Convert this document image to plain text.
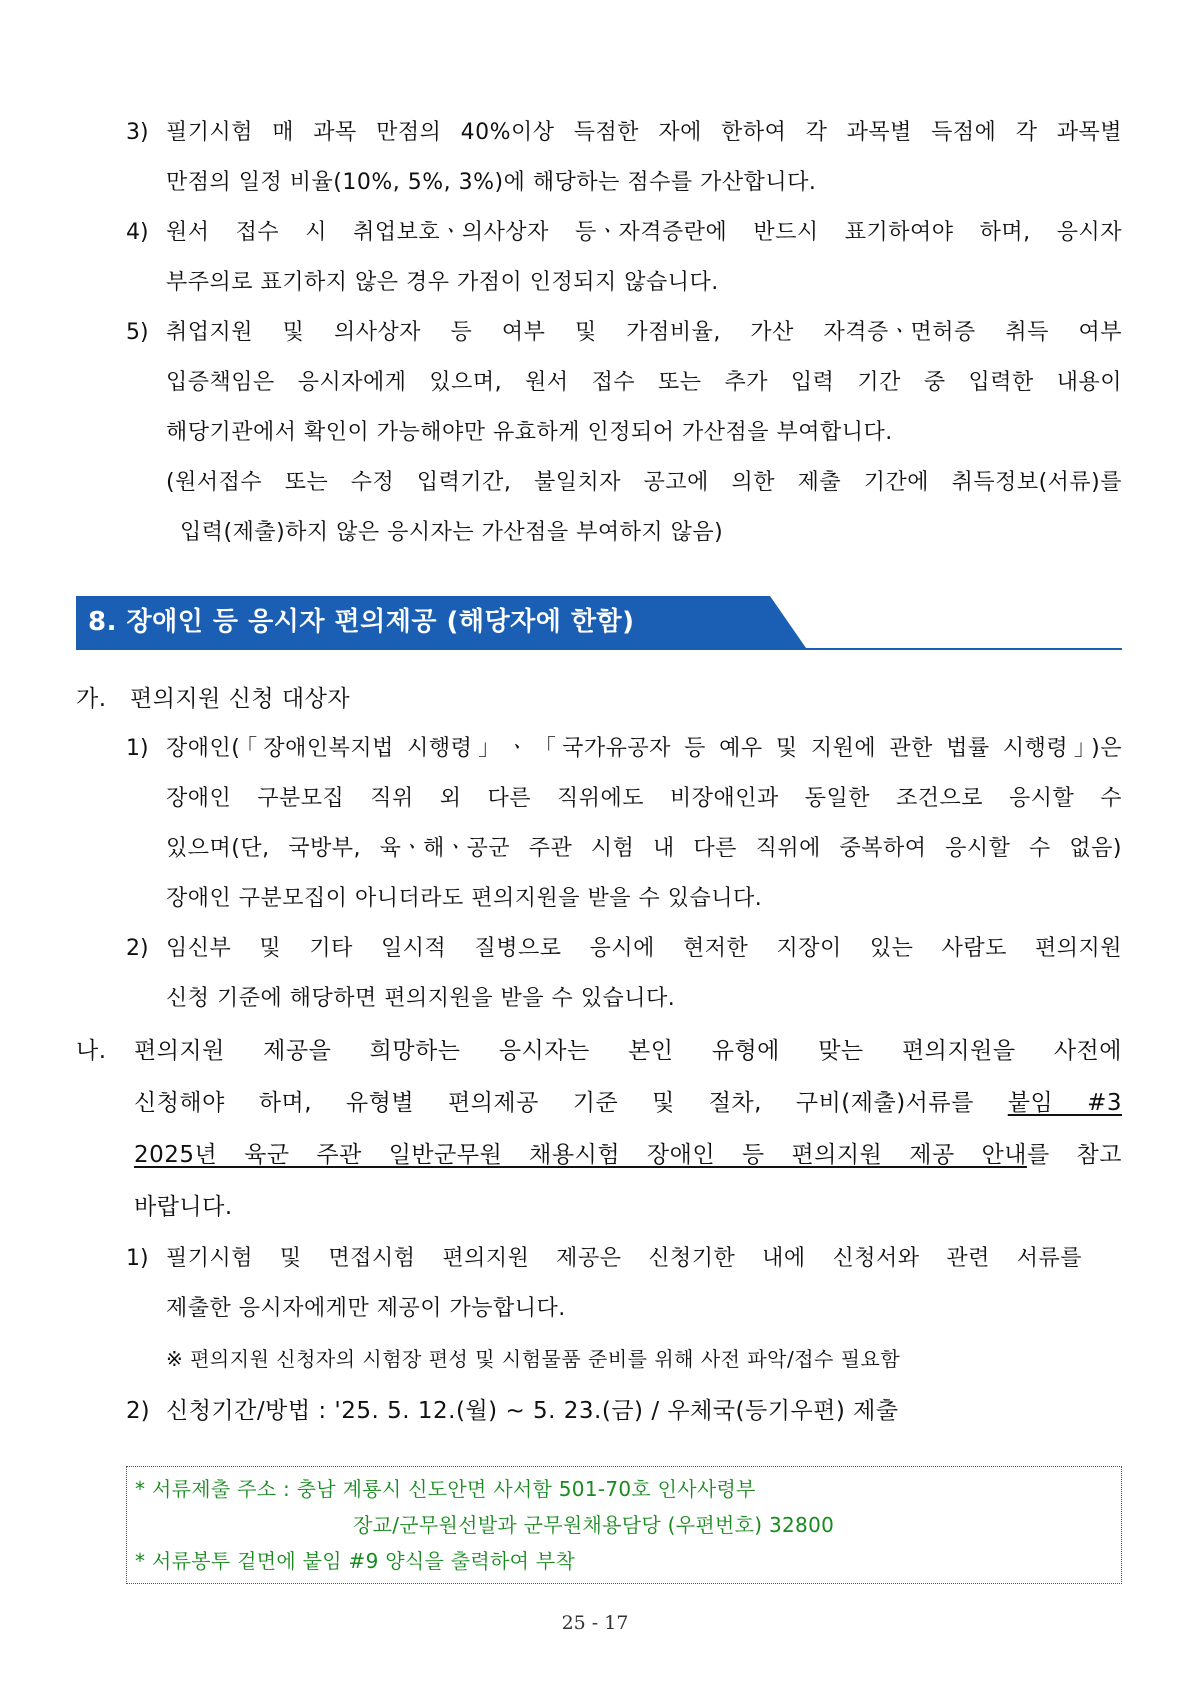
3) 필기시험 매 과목 만점의 40%이상 득점한 자에 한하여 각 과목별 득점에 각 과목별
만점의 일정 비율(10%, 5%, 3%)에 해당하는 점수를 가산합니다.
4) 원서 접수 시 취업보호ㆍ의사상자 등ㆍ자격증란에 반드시 표기하여야 하며, 응시자
부주의로 표기하지 않은 경우 가점이 인정되지 않습니다.
5) 취업지원 및 의사상자 등 여부 및 가점비율, 가산 자격증ㆍ면허증 취득 여부
입증책임은 응시자에게 있으며, 원서 접수 또는 추가 입력 기간 중 입력한 내용이
해당기관에서 확인이 가능해야만 유효하게 인정되어 가산점을 부여합니다.
(원서접수 또는 수정 입력기간, 불일치자 공고에 의한 제출 기간에 취득정보(서류)를
입력(제출)하지 않은 응시자는 가산점을 부여하지 않음)
8. 장애인 등 응시자 편의제공 (해당자에 한함)
가. 편의지원 신청 대상자
1) 장애인(「장애인복지법 시행령」ㆍ「국가유공자 등 예우 및 지원에 관한 법률 시행령」)은
장애인 구분모집 직위 외 다른 직위에도 비장애인과 동일한 조건으로 응시할 수
있으며(단, 국방부, 육ㆍ해ㆍ공군 주관 시험 내 다른 직위에 중복하여 응시할 수 없음)
장애인 구분모집이 아니더라도 편의지원을 받을 수 있습니다.
2) 임신부 및 기타 일시적 질병으로 응시에 현저한 지장이 있는 사람도 편의지원
신청 기준에 해당하면 편의지원을 받을 수 있습니다.
나. 편의지원 제공을 희망하는 응시자는 본인 유형에 맞는 편의지원을 사전에
신청해야 하며, 유형별 편의제공 기준 및 절차, 구비(제출)서류를 붙임 #3
2025년 육군 주관 일반군무원 채용시험 장애인 등 편의지원 제공 안내를 참고
바랍니다.
1) 필기시험 및 면접시험 편의지원 제공은 신청기한 내에 신청서와 관련 서류를
제출한 응시자에게만 제공이 가능합니다.
※ 편의지원 신청자의 시험장 편성 및 시험물품 준비를 위해 사전 파악/접수 필요함
2) 신청기간/방법 : '25. 5. 12.(월) ~ 5. 23.(금) / 우체국(등기우편) 제출
* 서류제출 주소 : 충남 계룡시 신도안면 사서함 501-70호 인사사령부
장교/군무원선발과 군무원채용담당 (우편번호) 32800
* 서류봉투 겉면에 붙임 #9 양식을 출력하여 부착
25 - 17
